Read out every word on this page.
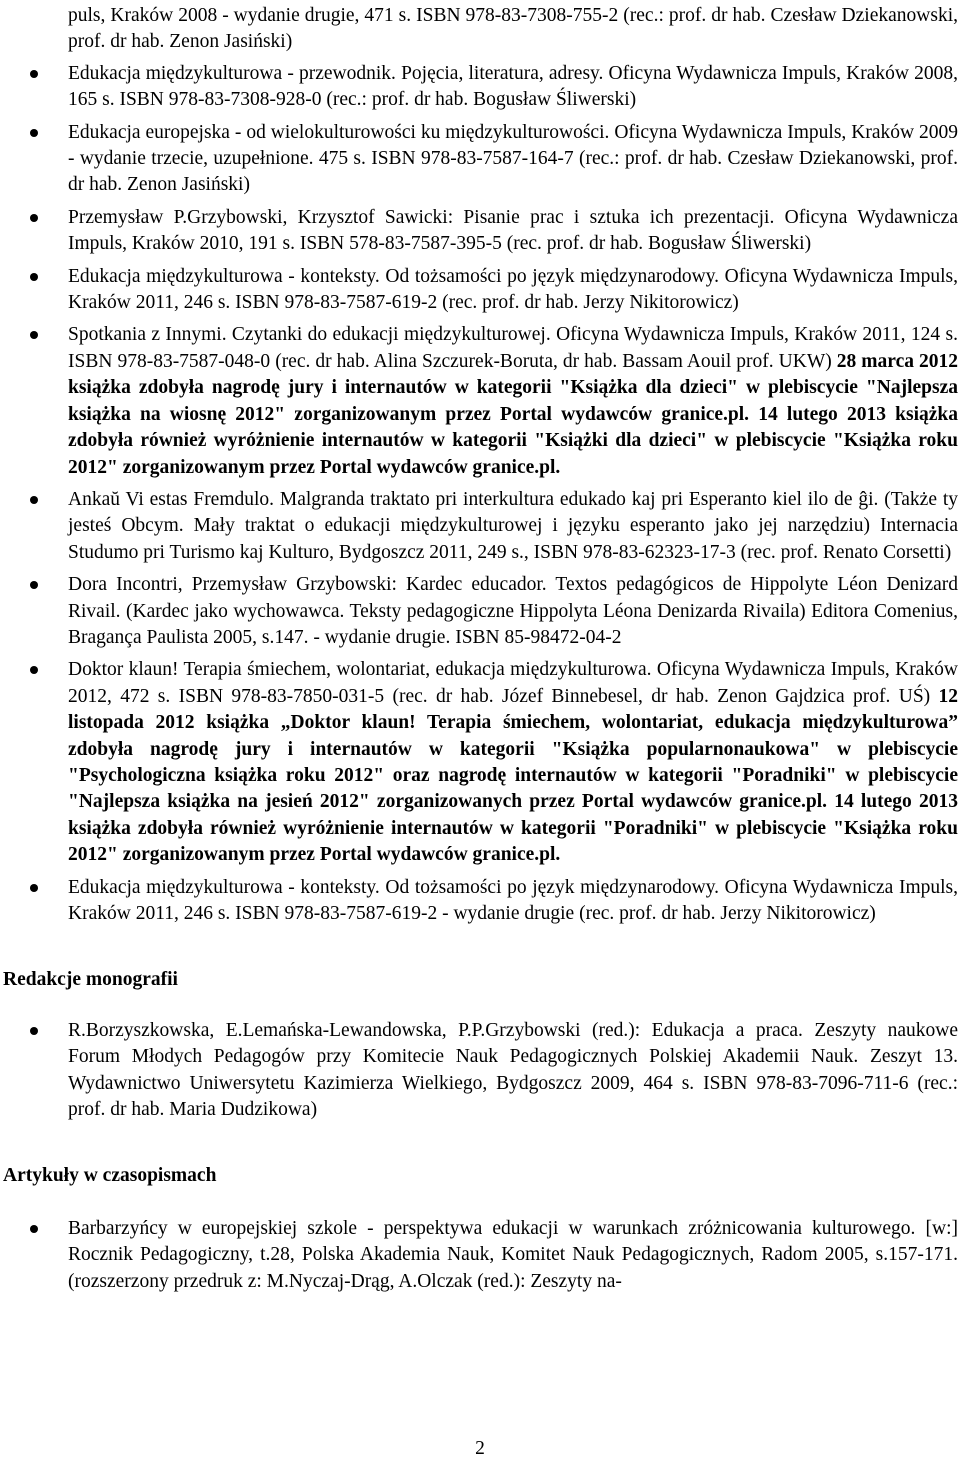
puls, Kraków 2008 - wydanie drugie, 471 s. ISBN 978-83-7308-755-2 (rec.: prof. dr hab. Czesław Dziekanowski, prof. dr hab. Zenon Jasiński)
Edukacja międzykulturowa - przewodnik. Pojęcia, literatura, adresy. Oficyna Wydawnicza Impuls, Kraków 2008, 165 s. ISBN 978-83-7308-928-0 (rec.: prof. dr hab. Bogusław Śliwerski)
Edukacja europejska - od wielokulturowości ku międzykulturowości. Oficyna Wydawnicza Impuls, Kraków 2009 - wydanie trzecie, uzupełnione. 475 s. ISBN 978-83-7587-164-7 (rec.: prof. dr hab. Czesław Dziekanowski, prof. dr hab. Zenon Jasiński)
Przemysław P.Grzybowski, Krzysztof Sawicki: Pisanie prac i sztuka ich prezentacji. Oficyna Wydawnicza Impuls, Kraków 2010, 191 s. ISBN 578-83-7587-395-5 (rec. prof. dr hab. Bogusław Śliwerski)
Edukacja międzykulturowa - konteksty. Od tożsamości po język międzynarodowy. Oficyna Wydawnicza Impuls, Kraków 2011, 246 s. ISBN 978-83-7587-619-2 (rec. prof. dr hab. Jerzy Nikitorowicz)
Spotkania z Innymi. Czytanki do edukacji międzykulturowej. Oficyna Wydawnicza Impuls, Kraków 2011, 124 s. ISBN 978-83-7587-048-0 (rec. dr hab. Alina Szczurek-Boruta, dr hab. Bassam Aouil prof. UKW) 28 marca 2012 książka zdobyła nagrodę jury i internautów w kategorii "Książka dla dzieci" w plebiscycie "Najlepsza książka na wiosnę 2012" zorganizowanym przez Portal wydawców granice.pl. 14 lutego 2013 książka zdobyła również wyróżnienie internautów w kategorii "Książki dla dzieci" w plebiscycie "Książka roku 2012" zorganizowanym przez Portal wydawców granice.pl.
Ankaŭ Vi estas Fremdulo. Malgranda traktato pri interkultura edukado kaj pri Esperanto kiel ilo de ĝi. (Także ty jesteś Obcym. Mały traktat o edukacji międzykulturowej i języku esperanto jako jej narzędziu) Internacia Studumo pri Turismo kaj Kulturo, Bydgoszcz 2011, 249 s., ISBN 978-83-62323-17-3 (rec. prof. Renato Corsetti)
Dora Incontri, Przemysław Grzybowski: Kardec educador. Textos pedagógicos de Hippolyte Léon Denizard Rivail. (Kardec jako wychowawca. Teksty pedagogiczne Hippolyta Léona Denizarda Rivaila) Editora Comenius, Bragança Paulista 2005, s.147. - wydanie drugie. ISBN 85-98472-04-2
Doktor klaun! Terapia śmiechem, wolontariat, edukacja międzykulturowa. Oficyna Wydawnicza Impuls, Kraków 2012, 472 s. ISBN 978-83-7850-031-5 (rec. dr hab. Józef Binnebesel, dr hab. Zenon Gajdzica prof. UŚ) 12 listopada 2012 książka „Doktor klaun! Terapia śmiechem, wolontariat, edukacja międzykulturowa” zdobyła nagrodę jury i internautów w kategorii "Książka popularnonaukowa" w plebiscycie "Psychologiczna książka roku 2012" oraz nagrodę internautów w kategorii "Poradniki" w plebiscycie "Najlepsza książka na jesień 2012" zorganizowanych przez Portal wydawców granice.pl. 14 lutego 2013 książka zdobyła również wyróżnienie internautów w kategorii "Poradniki" w plebiscycie "Książka roku 2012" zorganizowanym przez Portal wydawców granice.pl.
Edukacja międzykulturowa - konteksty. Od tożsamości po język międzynarodowy. Oficyna Wydawnicza Impuls, Kraków 2011, 246 s. ISBN 978-83-7587-619-2 - wydanie drugie (rec. prof. dr hab. Jerzy Nikitorowicz)
Redakcje monografii
R.Borzyszkowska, E.Lemańska-Lewandowska, P.P.Grzybowski (red.): Edukacja a praca. Zeszyty naukowe Forum Młodych Pedagogów przy Komitecie Nauk Pedagogicznych Polskiej Akademii Nauk. Zeszyt 13. Wydawnictwo Uniwersytetu Kazimierza Wielkiego, Bydgoszcz 2009, 464 s. ISBN 978-83-7096-711-6 (rec.: prof. dr hab. Maria Dudzikowa)
Artykuły w czasopismach
Barbarzyńcy w europejskiej szkole - perspektywa edukacji w warunkach zróżnicowania kulturowego. [w:] Rocznik Pedagogiczny, t.28, Polska Akademia Nauk, Komitet Nauk Pedagogicznych, Radom 2005, s.157-171. (rozszerzony przedruk z: M.Nyczaj-Drąg, A.Olczak (red.): Zeszyty na-
2
